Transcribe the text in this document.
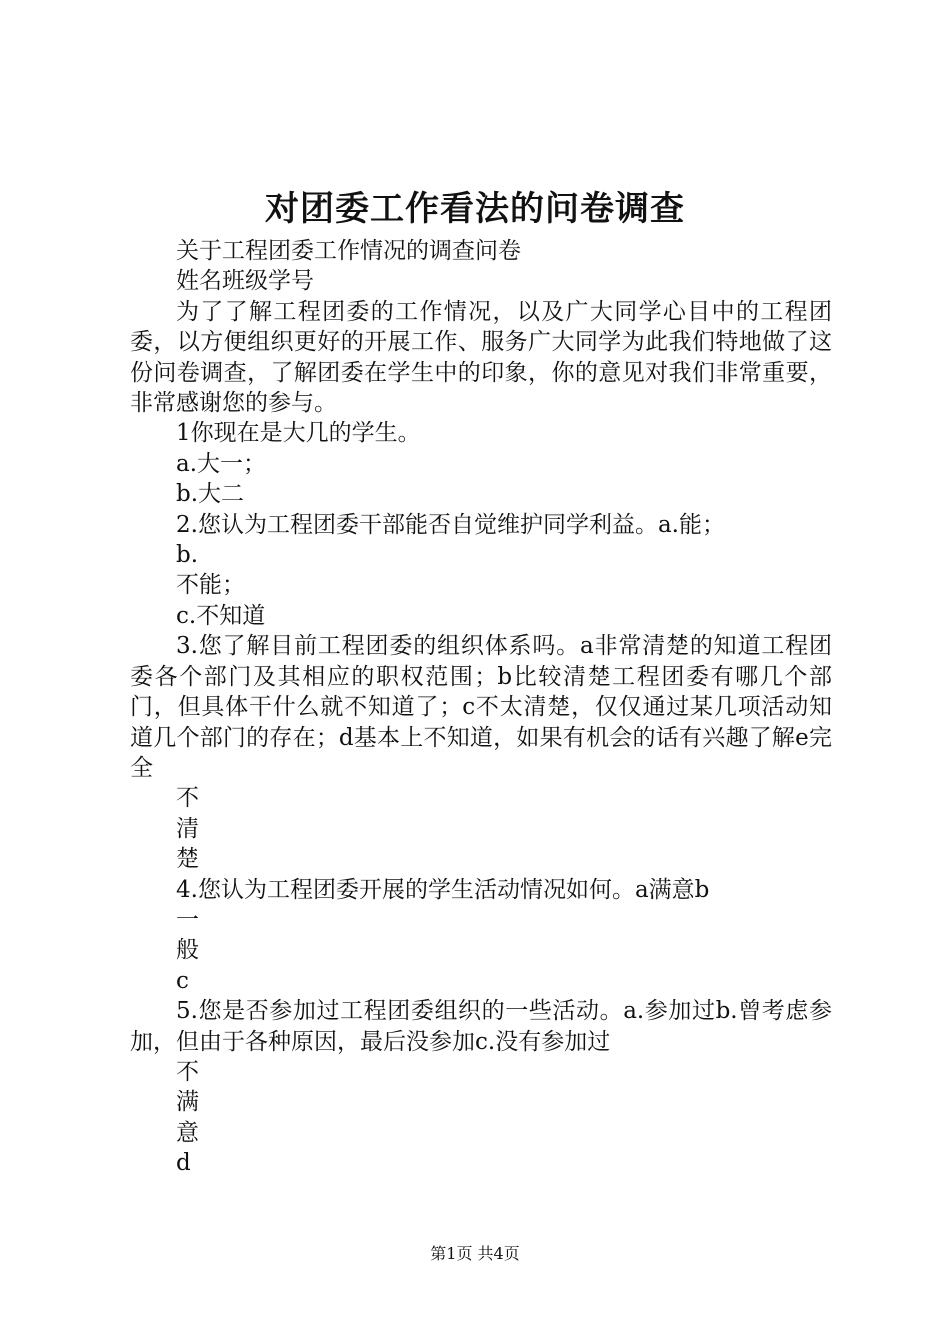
对团委工作看法的问卷调查

关于工程团委工作情况的调查问卷

姓名班级学号

为了了解工程团委的工作情况，以及广大同学心目中的工程团委，以方便组织更好的开展工作、服务广大同学为此我们特地做了这份问卷调查，了解团委在学生中的印象，你的意见对我们非常重要，非常感谢您的参与。

1你现在是大几的学生。

a.大一；

b.大二

2.您认为工程团委干部能否自觉维护同学利益。a.能；

b.

不能；

c.不知道

3.您了解目前工程团委的组织体系吗。a非常清楚的知道工程团委各个部门及其相应的职权范围；b比较清楚工程团委有哪几个部门，但具体干什么就不知道了；c不太清楚，仅仅通过某几项活动知道几个部门的存在；d基本上不知道，如果有机会的话有兴趣了解e完全

不

清

楚

4.您认为工程团委开展的学生活动情况如何。a满意b

一

般

c

5.您是否参加过工程团委组织的一些活动。a.参加过b.曾考虑参加，但由于各种原因，最后没参加c.没有参加过

不

满

意

d

第1页 共4页
